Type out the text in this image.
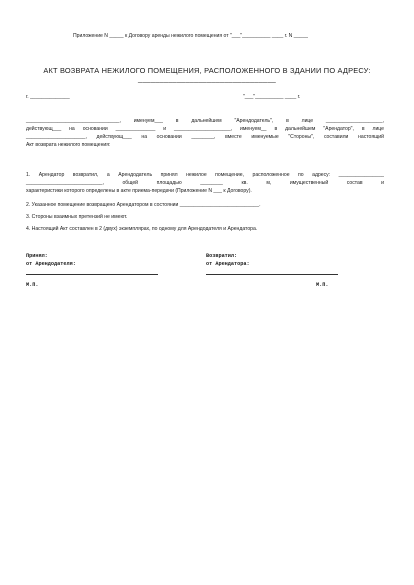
Приложение N _____ к Договору аренды нежилого помещения от "___"__________ ____ г. N _____

АКТ ВОЗВРАТА НЕЖИЛОГО ПОМЕЩЕНИЯ, РАСПОЛОЖЕННОГО В ЗДАНИИ ПО АДРЕСУ:

________________________________

г. ______________	"___"__________ ____ г.

_________________________________, именуем___ в дальнейшем "Арендодатель", в лице ____________________,

действующ___ на основании ______________ и ____________________, именуем__ в дальнейшем "Арендатор", в лице

_____________________, действующ___ на основании ________, вместе именуемые "Стороны", составили настоящий

Акт возврата нежилого помещения:

1. Арендатор возвратил, а Арендодатель принял нежилое помещение, расположенное по адресу: ________________

___________________________, общей площадью ________ кв. м, имущественный состав и

характеристики которого определены в акте приема-передачи (Приложение N ___ к Договору).

2. Указанное помещение возвращено Арендатором в состоянии ____________________________.

3. Стороны взаимных претензий не имеют.

4. Настоящий Акт составлен в 2 (двух) экземплярах, по одному для Арендодателя и Арендатора.

Принял:

от Арендодателя:

М.П.

Возвратил:

от Арендатора:

М.П.
